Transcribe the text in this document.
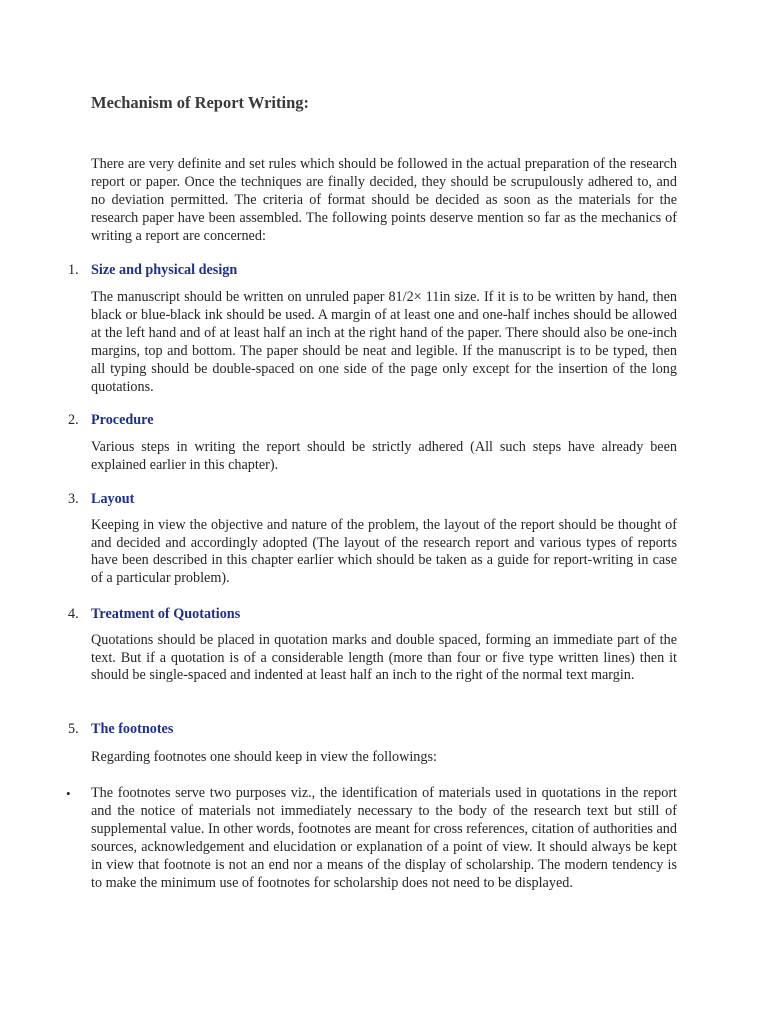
Mechanism of Report Writing:

There are very definite and set rules which should be followed in the actual preparation of the research report or paper. Once the techniques are finally decided, they should be scrupulously adhered to, and no deviation permitted. The criteria of format should be decided as soon as the materials for the research paper have been assembled. The following points deserve mention so far as the mechanics of writing a report are concerned:

1. Size and physical design

The manuscript should be written on unruled paper 81/2× 11in size. If it is to be written by hand, then black or blue-black ink should be used. A margin of at least one and one-half inches should be allowed at the left hand and of at least half an inch at the right hand of the paper. There should also be one-inch margins, top and bottom. The paper should be neat and legible. If the manuscript is to be typed, then all typing should be double-spaced on one side of the page only except for the insertion of the long quotations.

2. Procedure

Various steps in writing the report should be strictly adhered (All such steps have already been explained earlier in this chapter).

3. Layout

Keeping in view the objective and nature of the problem, the layout of the report should be thought of and decided and accordingly adopted (The layout of the research report and various types of reports have been described in this chapter earlier which should be taken as a guide for report-writing in case of a particular problem).

4. Treatment of Quotations

Quotations should be placed in quotation marks and double spaced, forming an immediate part of the text. But if a quotation is of a considerable length (more than four or five type written lines) then it should be single-spaced and indented at least half an inch to the right of the normal text margin.

5. The footnotes

Regarding footnotes one should keep in view the followings:

•	The footnotes serve two purposes viz., the identification of materials used in quotations in the report and the notice of materials not immediately necessary to the body of the research text but still of supplemental value. In other words, footnotes are meant for cross references, citation of authorities and sources, acknowledgement and elucidation or explanation of a point of view. It should always be kept in view that footnote is not an end nor a means of the display of scholarship. The modern tendency is to make the minimum use of footnotes for scholarship does not need to be displayed.
